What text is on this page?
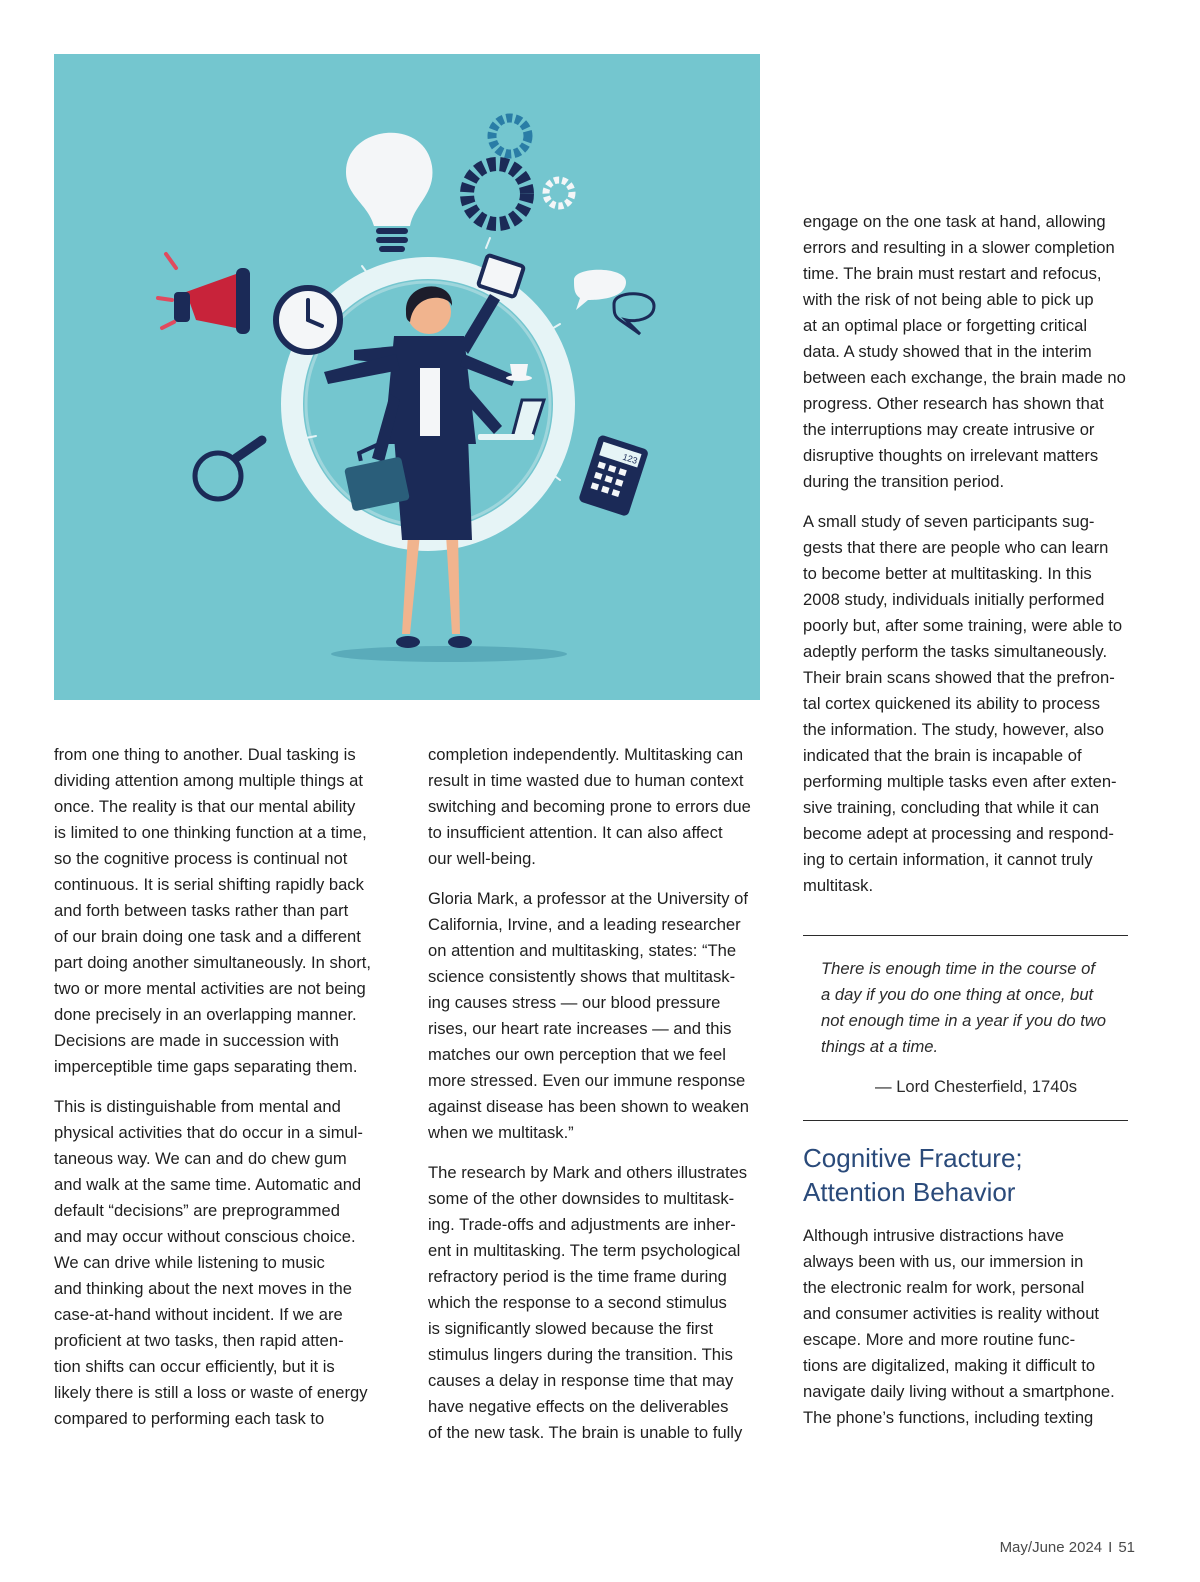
123

from one thing to another. Dual tasking is
dividing attention among multiple things at
once. The reality is that our mental ability
is limited to one thinking function at a time,
so the cognitive process is continual not
continuous. It is serial shifting rapidly back
and forth between tasks rather than part
of our brain doing one task and a different
part doing another simultaneously. In short,
two or more mental activities are not being
done precisely in an overlapping manner.
Decisions are made in succession with
imperceptible time gaps separating them.

This is distinguishable from mental and
physical activities that do occur in a simul-
taneous way. We can and do chew gum
and walk at the same time. Automatic and
default “decisions” are preprogrammed
and may occur without conscious choice.
We can drive while listening to music
and thinking about the next moves in the
case-at-hand without incident. If we are
proficient at two tasks, then rapid atten-
tion shifts can occur efficiently, but it is
likely there is still a loss or waste of energy
compared to performing each task to

completion independently. Multitasking can
result in time wasted due to human context
switching and becoming prone to errors due
to insufficient attention. It can also affect
our well-being.

Gloria Mark, a professor at the University of
California, Irvine, and a leading researcher
on attention and multitasking, states: “The
science consistently shows that multitask-
ing causes stress — our blood pressure
rises, our heart rate increases — and this
matches our own perception that we feel
more stressed. Even our immune response
against disease has been shown to weaken
when we multitask.”

The research by Mark and others illustrates
some of the other downsides to multitask-
ing. Trade-offs and adjustments are inher-
ent in multitasking. The term psychological
refractory period is the time frame during
which the response to a second stimulus
is significantly slowed because the first
stimulus lingers during the transition. This
causes a delay in response time that may
have negative effects on the deliverables
of the new task. The brain is unable to fully

engage on the one task at hand, allowing
errors and resulting in a slower completion
time. The brain must restart and refocus,
with the risk of not being able to pick up
at an optimal place or forgetting critical
data. A study showed that in the interim
between each exchange, the brain made no
progress. Other research has shown that
the interruptions may create intrusive or
disruptive thoughts on irrelevant matters
during the transition period.

A small study of seven participants sug-
gests that there are people who can learn
to become better at multitasking. In this
2008 study, individuals initially performed
poorly but, after some training, were able to
adeptly perform the tasks simultaneously.
Their brain scans showed that the prefron-
tal cortex quickened its ability to process
the information. The study, however, also
indicated that the brain is incapable of
performing multiple tasks even after exten-
sive training, concluding that while it can
become adept at processing and respond-
ing to certain information, it cannot truly
multitask.

There is enough time in the course of
a day if you do one thing at once, but
not enough time in a year if you do two
things at a time.
— Lord Chesterfield, 1740s
Cognitive Fracture;
Attention Behavior

Although intrusive distractions have
always been with us, our immersion in
the electronic realm for work, personal
and consumer activities is reality without
escape. More and more routine func-
tions are digitalized, making it difficult to
navigate daily living without a smartphone.
The phone’s functions, including texting

May/June 2024 I 51
